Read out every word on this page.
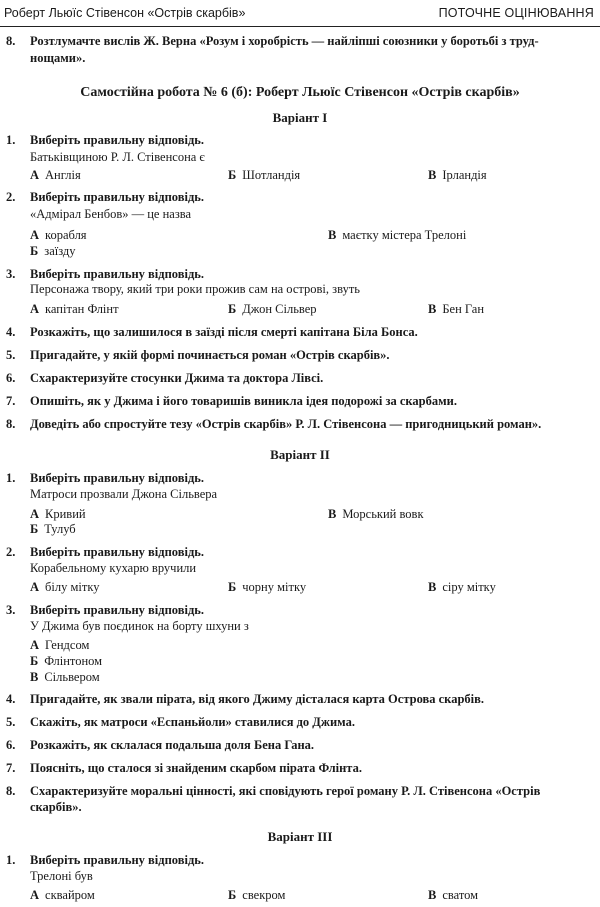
Роберт Льюїс Стівенсон «Острів скарбів»	ПОТОЧНЕ ОЦІНЮВАННЯ
8. Розтлумачте вислів Ж. Верна «Розум і хоробрість — найліпші союзники у боротьбі з труд-
нощами».
Самостійна робота № 6 (б): Роберт Льюїс Стівенсон «Острів скарбів»
Варіант І
1. Виберіть правильну відповідь.
Батьківщиною Р. Л. Стівенсона є
А Англія	Б Шотландія	В Ірландія
2. Виберіть правильну відповідь.
«Адмірал Бенбов» — це назва
А корабля	В маєтку містера Трелоні
Б заїзду
3. Виберіть правильну відповідь.
Персонажа твору, який три роки прожив сам на острові, звуть
А капітан Флінт	Б Джон Сільвер	В Бен Ган
4. Розкажіть, що залишилося в заїзді після смерті капітана Біла Бонса.
5. Пригадайте, у якій формі починається роман «Острів скарбів».
6. Схарактеризуйте стосунки Джима та доктора Лівсі.
7. Опишіть, як у Джима і його товаришів виникла ідея подорожі за скарбами.
8. Доведіть або спростуйте тезу «Острів скарбів» Р. Л. Стівенсона — пригодницький роман».
Варіант ІІ
1. Виберіть правильну відповідь.
Матроси прозвали Джона Сільвера
А Кривий	В Морський вовк
Б Тулуб
2. Виберіть правильну відповідь.
Корабельному кухарю вручили
А білу мітку	Б чорну мітку	В сіру мітку
3. Виберіть правильну відповідь.
У Джима був поєдинок на борту шхуни з
А Гендсом
Б Флінтоном
В Сільвером
4. Пригадайте, як звали пірата, від якого Джиму дісталася карта Острова скарбів.
5. Скажіть, як матроси «Еспаньйоли» ставилися до Джима.
6. Розкажіть, як склалася подальша доля Бена Гана.
7. Поясніть, що сталося зі знайденим скарбом пірата Флінта.
8. Схарактеризуйте моральні цінності, які сповідують герої роману Р. Л. Стівенсона «Острів
скарбів».
Варіант ІІІ
1. Виберіть правильну відповідь.
Трелоні був
А сквайром	Б свекром	В сватом
